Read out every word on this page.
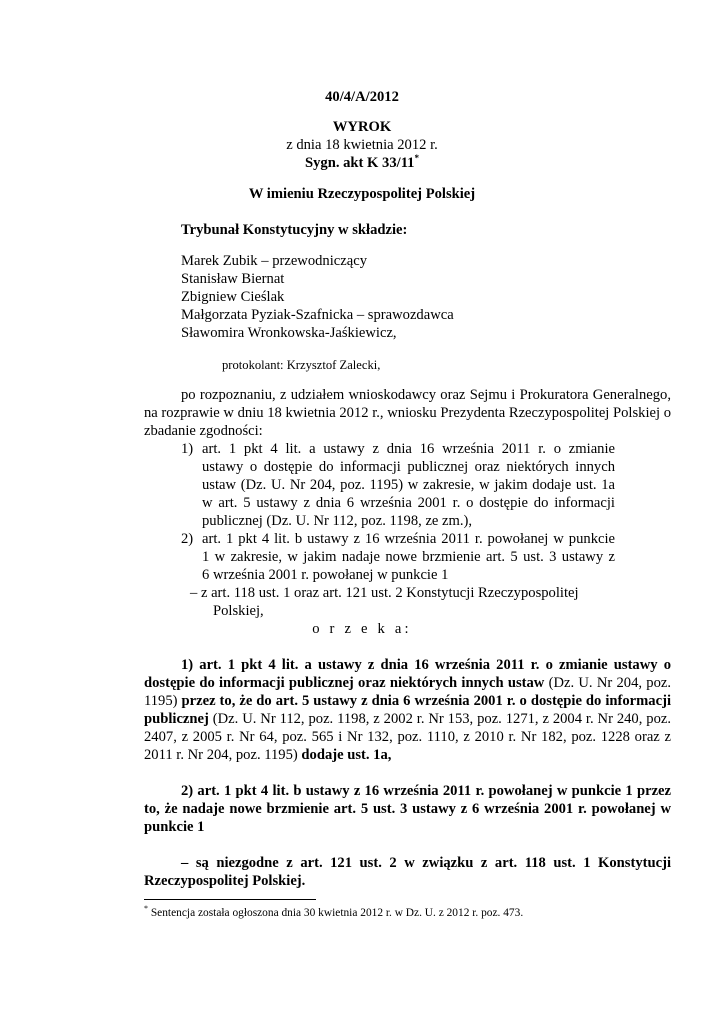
40/4/A/2012
WYROK
z dnia 18 kwietnia 2012 r.
Sygn. akt K 33/11*
W imieniu Rzeczypospolitej Polskiej
Trybunał Konstytucyjny w składzie:
Marek Zubik – przewodniczący
Stanisław Biernat
Zbigniew Cieślak
Małgorzata Pyziak-Szafnicka – sprawozdawca
Sławomira Wronkowska-Jaśkiewicz,
protokolant: Krzysztof Zalecki,
po rozpoznaniu, z udziałem wnioskodawcy oraz Sejmu i Prokuratora Generalnego,
na rozprawie w dniu 18 kwietnia 2012 r., wniosku Prezydenta Rzeczypospolitej Polskiej o
zbadanie zgodności:
1) art. 1 pkt 4 lit. a ustawy z dnia 16 września 2011 r. o zmianie
ustawy o dostępie do informacji publicznej oraz niektórych innych
ustaw (Dz. U. Nr 204, poz. 1195) w zakresie, w jakim dodaje ust. 1a
w art. 5 ustawy z dnia 6 września 2001 r. o dostępie do informacji
publicznej (Dz. U. Nr 112, poz. 1198, ze zm.),
2) art. 1 pkt 4 lit. b ustawy z 16 września 2011 r. powołanej w punkcie
1 w zakresie, w jakim nadaje nowe brzmienie art. 5 ust. 3 ustawy z
6 września 2001 r. powołanej w punkcie 1
– z art. 118 ust. 1 oraz art. 121 ust. 2 Konstytucji Rzeczypospolitej
Polskiej,
o r z e k a:
1) art. 1 pkt 4 lit. a ustawy z dnia 16 września 2011 r. o zmianie ustawy o
dostępie do informacji publicznej oraz niektórych innych ustaw (Dz. U. Nr 204, poz.
1195) przez to, że do art. 5 ustawy z dnia 6 września 2001 r. o dostępie do informacji
publicznej (Dz. U. Nr 112, poz. 1198, z 2002 r. Nr 153, poz. 1271, z 2004 r. Nr 240, poz.
2407, z 2005 r. Nr 64, poz. 565 i Nr 132, poz. 1110, z 2010 r. Nr 182, poz. 1228 oraz z
2011 r. Nr 204, poz. 1195) dodaje ust. 1a,
2) art. 1 pkt 4 lit. b ustawy z 16 września 2011 r. powołanej w punkcie 1 przez
to, że nadaje nowe brzmienie art. 5 ust. 3 ustawy z 6 września 2001 r. powołanej w
punkcie 1
– są niezgodne z art. 121 ust. 2 w związku z art. 118 ust. 1 Konstytucji
Rzeczypospolitej Polskiej.
* Sentencja została ogłoszona dnia 30 kwietnia 2012 r. w Dz. U. z 2012 r. poz. 473.
